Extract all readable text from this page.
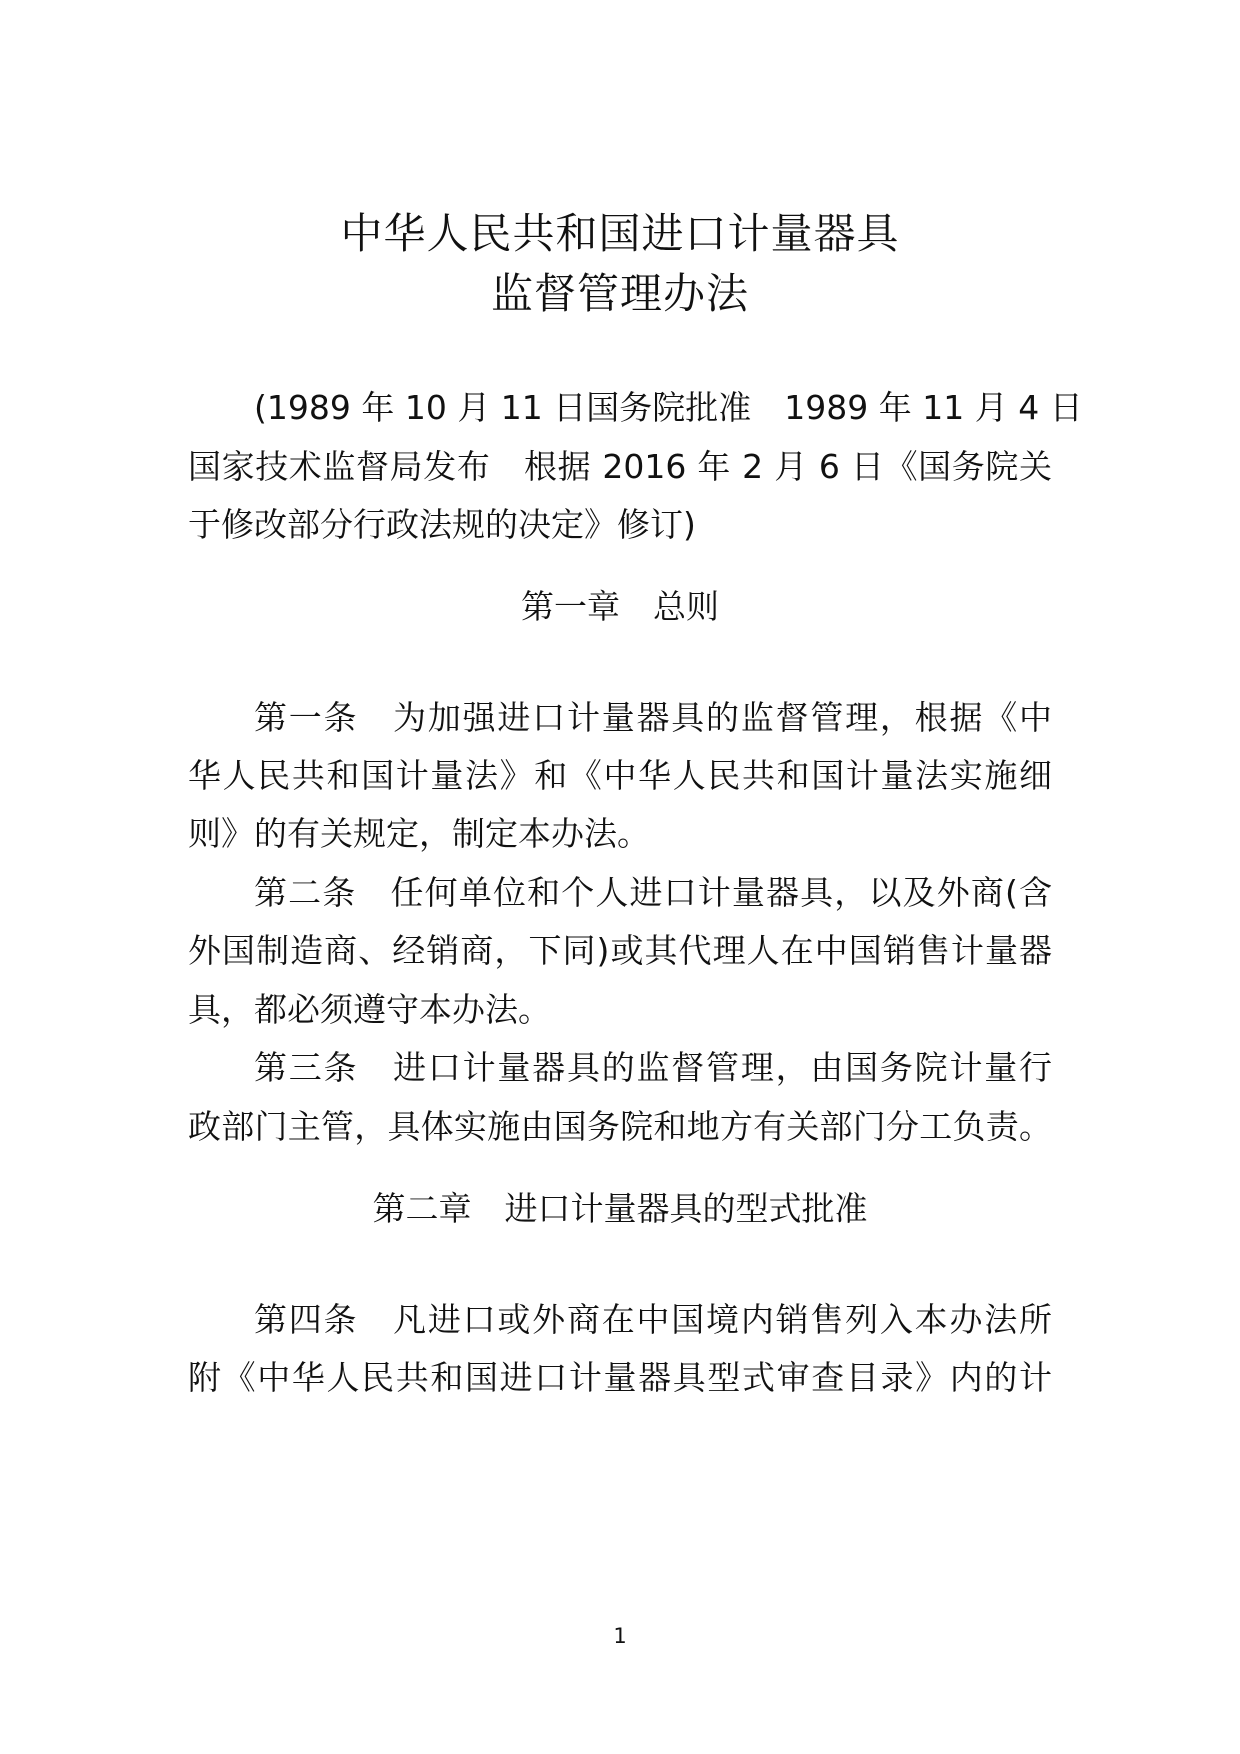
中华人民共和国进口计量器具
监督管理办法
(1989 年 10 月 11 日国务院批准　1989 年 11 月 4 日
国家技术监督局发布　根据 2016 年 2 月 6 日《国务院关
于修改部分行政法规的决定》修订)
第一章　总则
第一条　为加强进口计量器具的监督管理，根据《中
华人民共和国计量法》和《中华人民共和国计量法实施细
则》的有关规定，制定本办法。
第二条　任何单位和个人进口计量器具，以及外商(含
外国制造商、经销商，下同)或其代理人在中国销售计量器
具，都必须遵守本办法。
第三条　进口计量器具的监督管理，由国务院计量行
政部门主管，具体实施由国务院和地方有关部门分工负责。
第二章　进口计量器具的型式批准
第四条　凡进口或外商在中国境内销售列入本办法所
附《中华人民共和国进口计量器具型式审查目录》内的计
1
